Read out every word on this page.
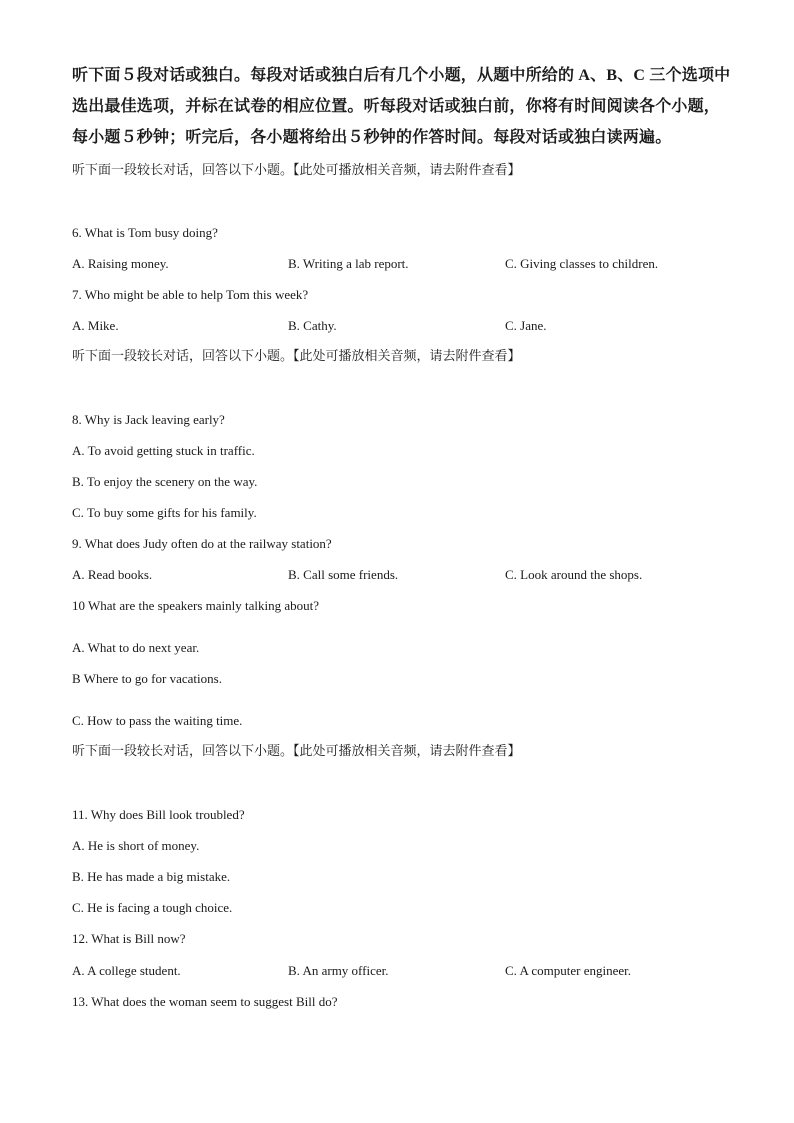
听下面５段对话或独白。每段对话或独白后有几个小题，从题中所给的 A、B、C 三个选项中
选出最佳选项，并标在试卷的相应位置。听每段对话或独白前，你将有时间阅读各个小题，
每小题５秒钟；听完后，各小题将给出５秒钟的作答时间。每段对话或独白读两遍。
听下面一段较长对话，回答以下小题。【此处可播放相关音频，请去附件查看】
6. What is Tom busy doing?
A. Raising money.	B. Writing a lab report.	C. Giving classes to children.
7. Who might be able to help Tom this week?
A. Mike.	B. Cathy.	C. Jane.
听下面一段较长对话，回答以下小题。【此处可播放相关音频，请去附件查看】
8. Why is Jack leaving early?
A. To avoid getting stuck in traffic.
B. To enjoy the scenery on the way.
C. To buy some gifts for his family.
9. What does Judy often do at the railway station?
A. Read books.	B. Call some friends.	C. Look around the shops.
10 What are the speakers mainly talking about?
A. What to do next year.
B Where to go for vacations.
C. How to pass the waiting time.
听下面一段较长对话，回答以下小题。【此处可播放相关音频，请去附件查看】
11. Why does Bill look troubled?
A. He is short of money.
B. He has made a big mistake.
C. He is facing a tough choice.
12. What is Bill now?
A. A college student.	B. An army officer.	C. A computer engineer.
13. What does the woman seem to suggest Bill do?
